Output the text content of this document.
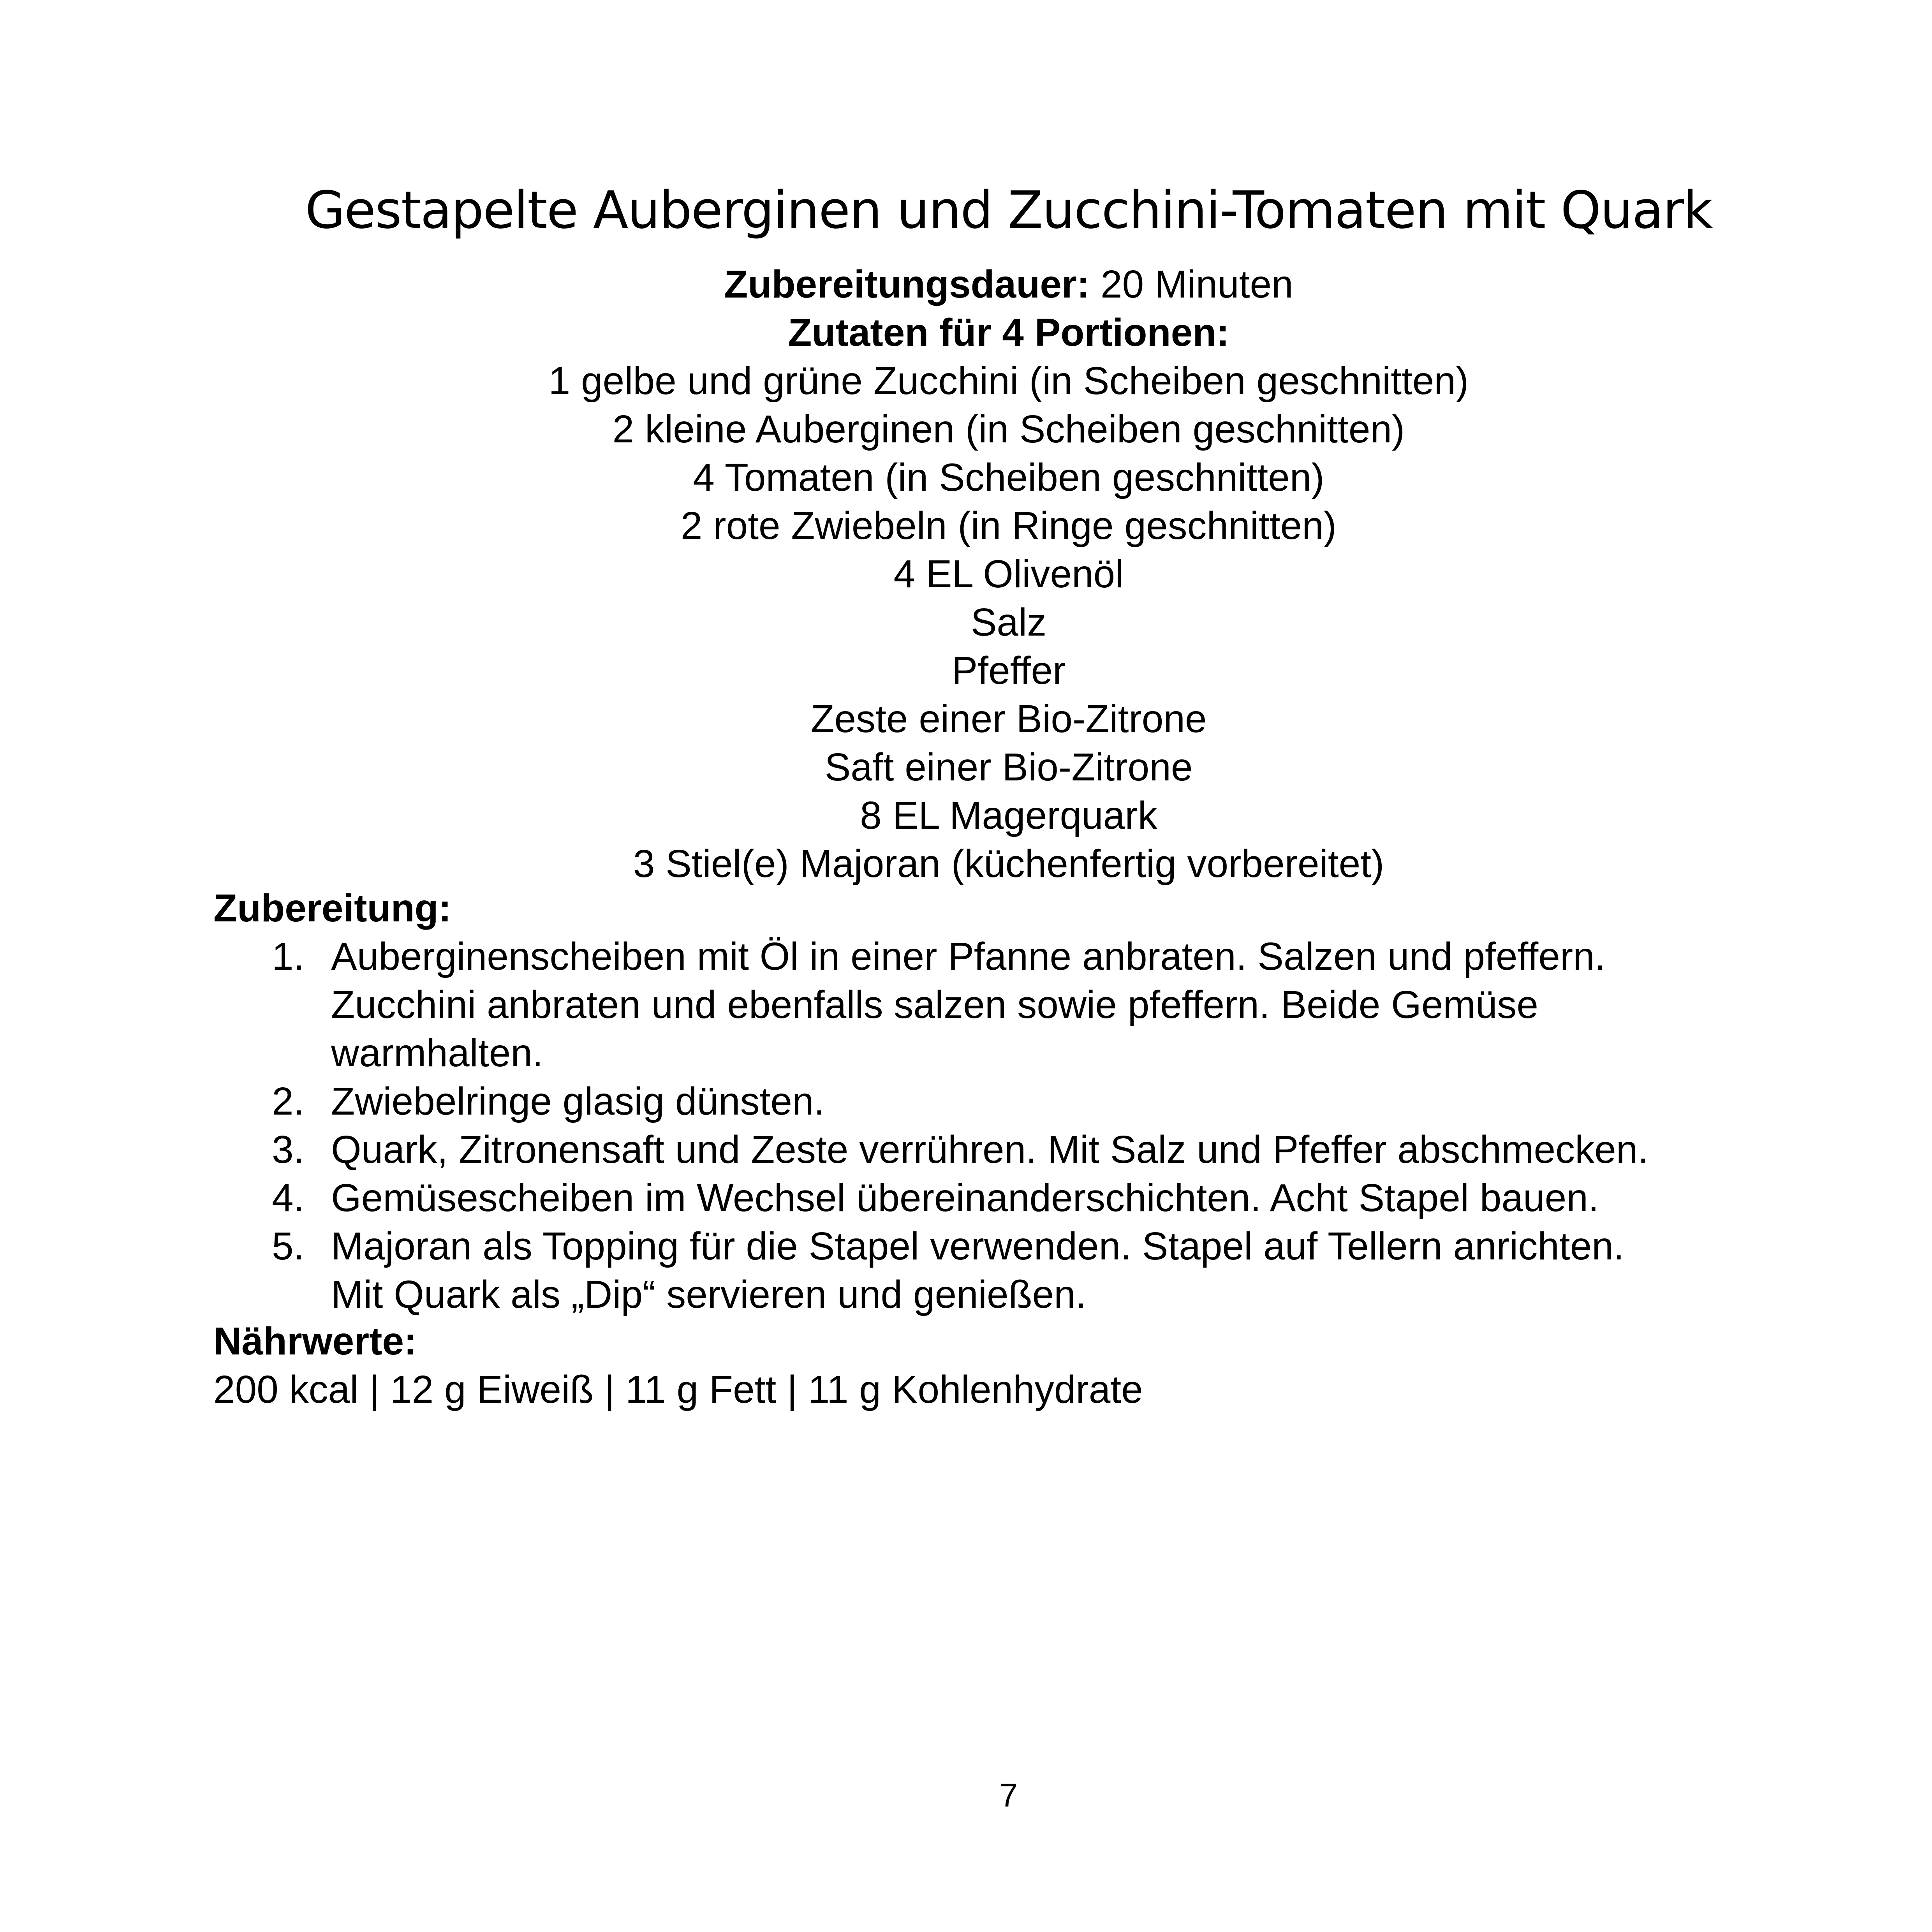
Gestapelte Auberginen und Zucchini-Tomaten mit Quark
Zubereitungsdauer: 20 Minuten
Zutaten für 4 Portionen:
1 gelbe und grüne Zucchini (in Scheiben geschnitten)
2 kleine Auberginen (in Scheiben geschnitten)
4 Tomaten (in Scheiben geschnitten)
2 rote Zwiebeln (in Ringe geschnitten)
4 EL Olivenöl
Salz
Pfeffer
Zeste einer Bio-Zitrone
Saft einer Bio-Zitrone
8 EL Magerquark
3 Stiel(e) Majoran (küchenfertig vorbereitet)
Zubereitung:
1. Auberginenscheiben mit Öl in einer Pfanne anbraten. Salzen und pfeffern.
Zucchini anbraten und ebenfalls salzen sowie pfeffern. Beide Gemüse
warmhalten.
2. Zwiebelringe glasig dünsten.
3. Quark, Zitronensaft und Zeste verrühren. Mit Salz und Pfeffer abschmecken.
4. Gemüsescheiben im Wechsel übereinanderschichten. Acht Stapel bauen.
5. Majoran als Topping für die Stapel verwenden. Stapel auf Tellern anrichten.
Mit Quark als „Dip“ servieren und genießen.
Nährwerte:
200 kcal | 12 g Eiweiß | 11 g Fett | 11 g Kohlenhydrate
7
